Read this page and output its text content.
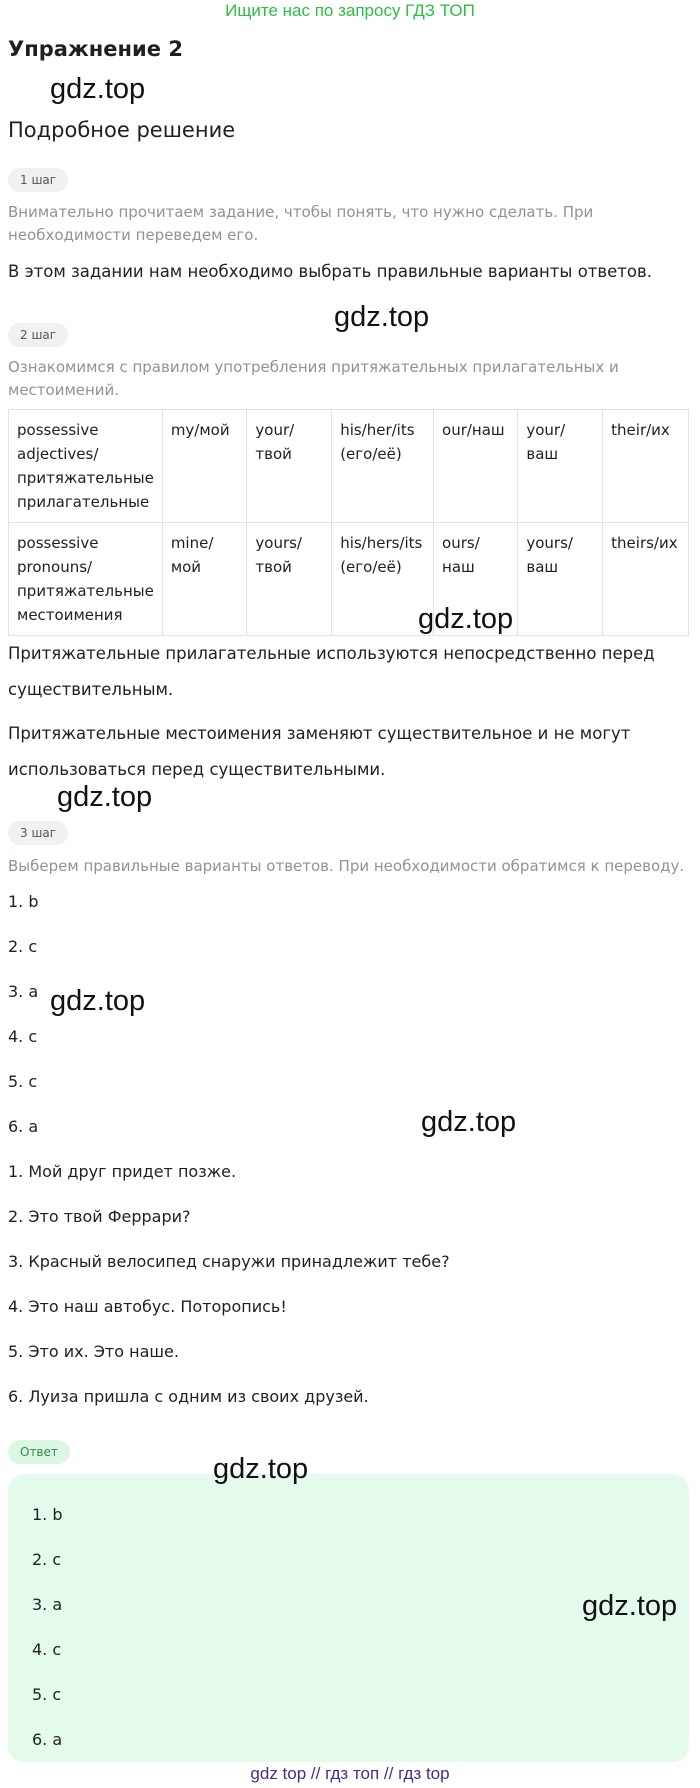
Ищите нас по запросу ГДЗ ТОП
Упражнение 2
gdz.top
Подробное решение
1 шаг

Внимательно прочитаем задание, чтобы понять, что нужно сделать. При необходимости переведем его.

В этом задании нам необходимо выбрать правильные варианты ответов.

gdz.top
2 шаг

Ознакомимся с правилом употребления притяжательных прилагательных и местоимений.

possessive adjectives/ притяжательные прилагательные	my/мой	your/ твой	his/her/its (его/её)	our/наш	your/ ваш	their/их
possessive pronouns/ притяжательные местоимения	mine/ мой	yours/ твой	his/hers/its (его/её)	ours/ наш	yours/ ваш	theirs/их
gdz.top

Притяжательные прилагательные используются непосредственно перед существительным.

Притяжательные местоимения заменяют существительное и не могут использоваться перед существительными.

gdz.top
3 шаг

Выберем правильные варианты ответов. При необходимости обратимся к переводу.

1. b
2. c
3. a gdz.top
4. c
5. c
6. a	gdz.top
1. Мой друг придет позже.
2. Это твой Феррари?
3. Красный велосипед снаружи принадлежит тебе?
4. Это наш автобус. Поторопись!
5. Это их. Это наше.
6. Луиза пришла с одним из своих друзей.
Ответ
gdz.top
1. b
2. c
3. a	gdz.top
4. c
5. c
6. a
gdz top // гдз топ // гдз top
